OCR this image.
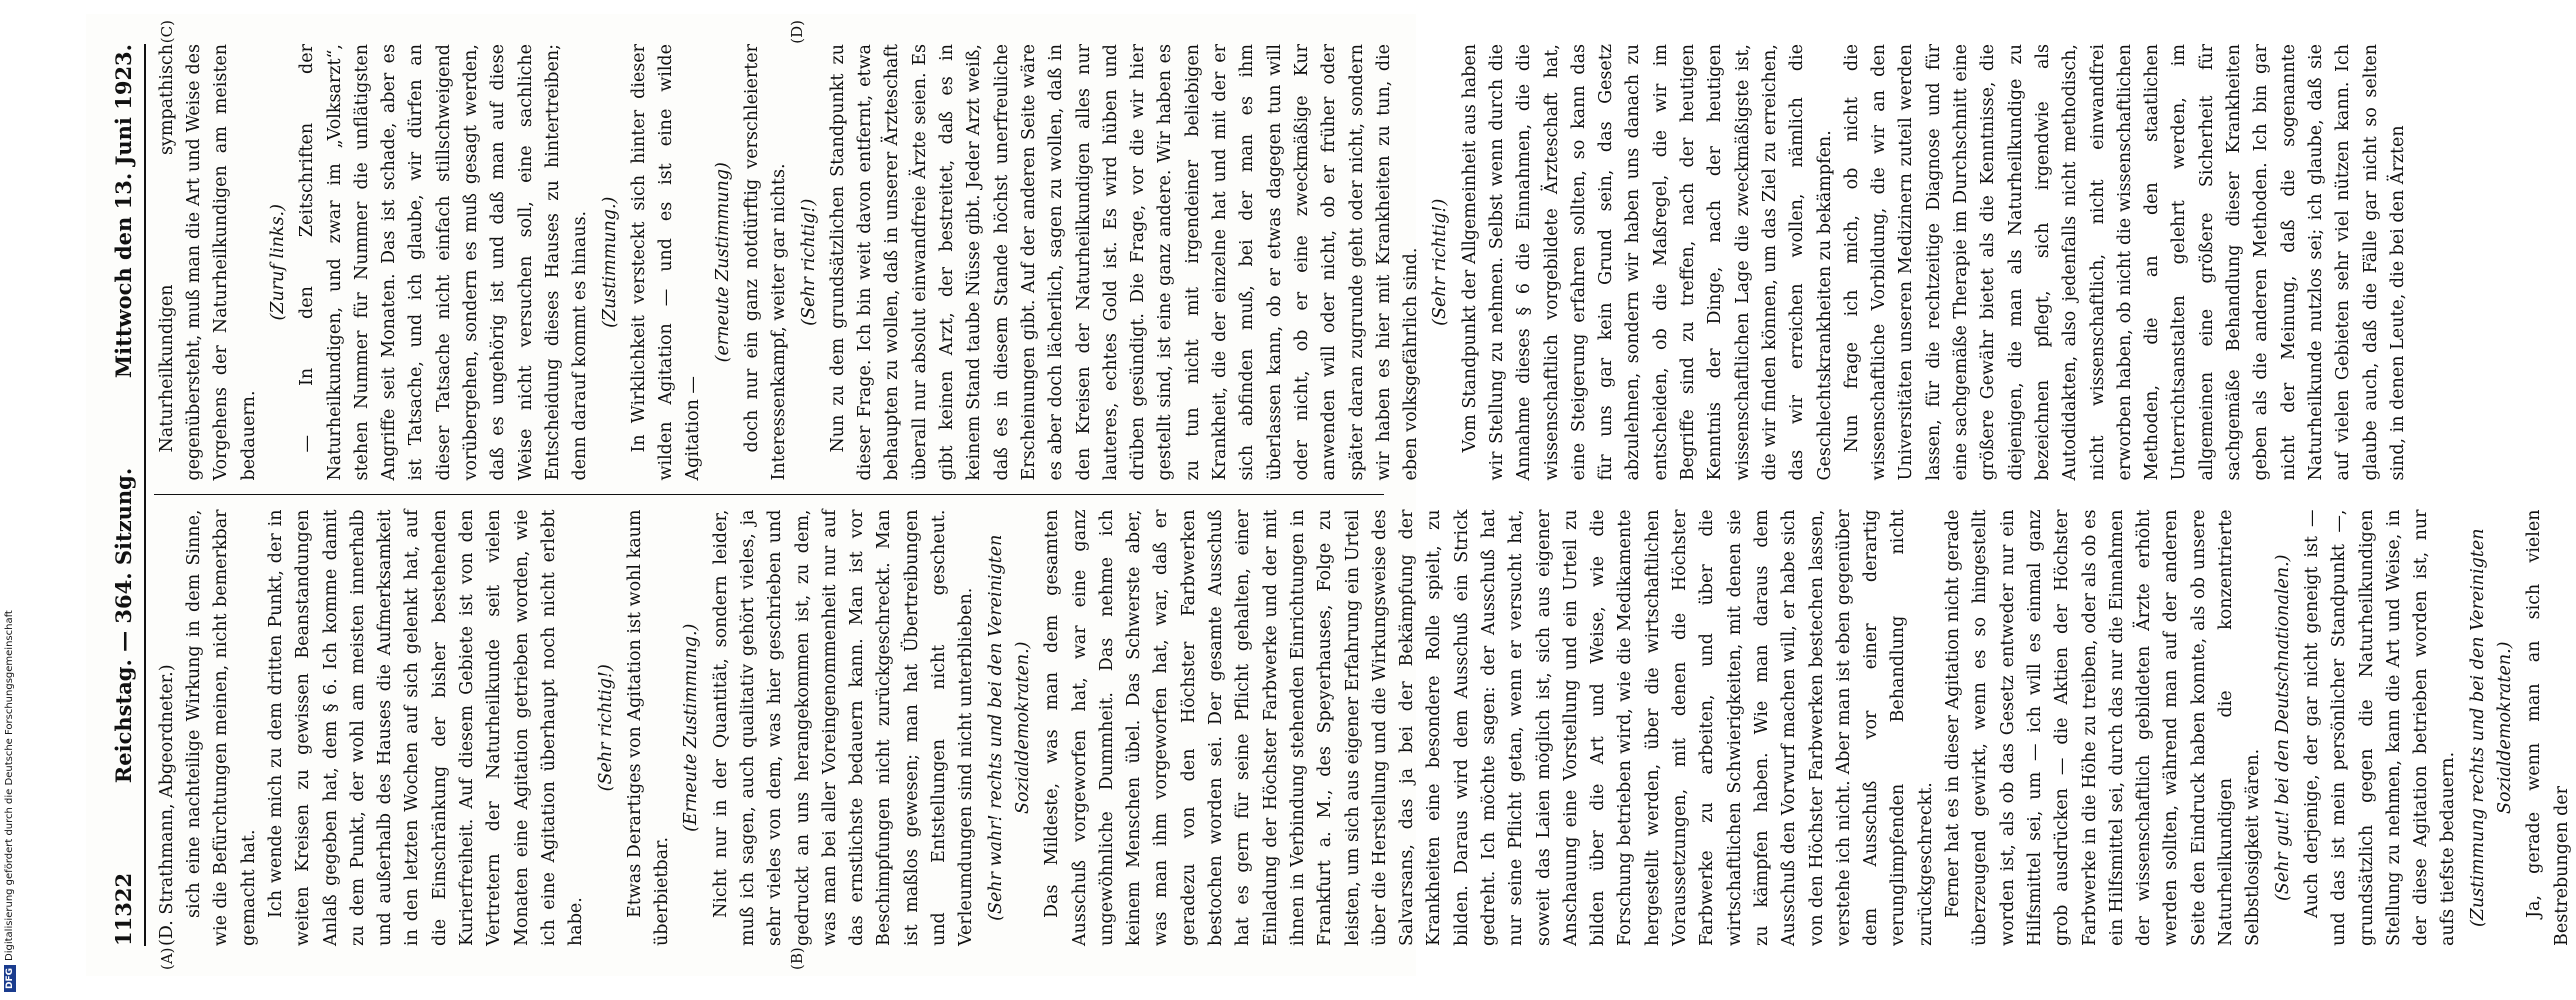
11322
Reichstag. — 364. Sitzung.
Mittwoch den 13. Juni 1923.

(D. Strathmann, Abgeordneter.) sich eine nachteilige Wirkung in dem Sinne, wie die Befürchtungen meinen, nicht bemerkbar gemacht hat. Ich wende mich zu dem dritten Punkt, der in weiten Kreisen zu gewissen Beanstandungen Anlaß gegeben hat, dem § 6. Ich komme damit zu dem Punkt, der wohl am meisten innerhalb und außerhalb des Hauses die Aufmerksamkeit in den letzten Wochen auf sich gelenkt hat, auf die Einschränkung der bisher bestehenden Kurierfreiheit. Auf diesem Gebiete ist von den Vertretern der Naturheilkunde seit vielen Monaten eine Agitation getrieben worden, wie ich eine Agitation überhaupt noch nicht erlebt habe.

(Sehr richtig!) Etwas Derartiges von Agitation ist wohl kaum überbietbar.

(Erneute Zustimmung.) Nicht nur in der Quantität, sondern leider, muß ich sagen, auch qualitativ gehört vieles, ja sehr vieles von dem, was hier geschrieben und gedruckt an uns herangekommen ist, zu dem, was man bei aller Voreingenommenheit nur auf das ernstlichste bedauern kann. Man ist vor Beschimpfungen nicht zurückgeschreckt. Man ist maßlos gewesen; man hat Übertreibungen und Entstellungen nicht gescheut. Verleumdungen sind nicht unterblieben. (Sehr wahr! rechts und bei den Vereinigten Sozialdemokraten.) Das Mildeste, was man dem gesamten Ausschuß vorgeworfen hat, war eine ganz ungewöhnliche Dummheit. Das nehme ich keinem Menschen übel. Das Schwerste aber, was man ihm vorgeworfen hat, war, daß er geradezu von den Höchster Farbwerken bestochen worden sei. Der gesamte Ausschuß hat es gern für seine Pflicht gehalten, einer Einladung der Höchster Farbwerke und der mit ihnen in Verbindung stehenden Einrichtungen in Frankfurt a. M., des Speyerhauses, Folge zu leisten, um sich aus eigener Erfahrung ein Urteil über die Herstellung und die Wirkungsweise des Salvarsans, das ja bei der Bekämpfung der Krankheiten eine besondere Rolle spielt, zu bilden. Daraus wird dem Ausschuß ein Strick gedreht. Ich möchte sagen: der Ausschuß hat nur seine Pflicht getan, wenn er versucht hat, soweit das Laien möglich ist, sich aus eigener Anschauung eine Vorstellung und ein Urteil zu bilden über die Art und Weise, wie die Forschung betrieben wird, wie die Medikamente hergestellt werden, über die wirtschaftlichen Voraussetzungen, mit denen die Höchster Farbwerke zu arbeiten, und über die wirtschaftlichen Schwierigkeiten, mit denen sie zu kämpfen haben. Wie man daraus dem Ausschuß den Vorwurf machen will, er habe sich von den Höchster Farbwerken bestechen lassen, verstehe ich nicht. Aber man ist eben gegenüber dem Ausschuß vor einer derartig verunglimpfenden Behandlung nicht zurückgeschreckt. Ferner hat es in dieser Agitation nicht gerade überzeugend gewirkt, wenn es so hingestellt worden ist, als ob das Gesetz entweder nur ein Hilfsmittel sei, um — ich will es einmal ganz grob ausdrücken — die Aktien der Höchster Farbwerke in die Höhe zu treiben, oder als ob es ein Hilfsmittel sei, durch das nur die Einnahmen der wissenschaftlich gebildeten Ärzte erhöht werden sollten, während man auf der anderen Seite den Eindruck haben konnte, als ob unsere Naturheilkundigen die konzentrierte Selbstlosigkeit wären. (Sehr gut! bei den Deutschnationalen.) Auch derjenige, der gar nicht geneigt ist — und das ist mein persönlicher Standpunkt —, grundsätzlich gegen die Naturheilkundigen Stellung zu nehmen, kann die Art und Weise, in der diese Agitation betrieben worden ist, nur aufs tiefste bedauern. (Zustimmung rechts und bei den Vereinigten Sozialdemokraten.) Ja, gerade wenn man an sich vielen Bestrebungen der

Naturheilkundigen sympathisch gegenübersteht, muß man die Art und Weise des Vorgehens der Naturheilkundigen am meisten bedauern.

(Zuruf links.) — In den Zeitschriften der Naturheilkundigen, und zwar im „Volksarzt“, stehen Nummer für Nummer die unflätigsten Angriffe seit Monaten. Das ist schade, aber es ist Tatsache, und ich glaube, wir dürfen an dieser Tatsache nicht einfach stillschweigend vorübergehen, sondern es muß gesagt werden, daß es ungehörig ist und daß man auf diese Weise nicht versuchen soll, eine sachliche Entscheidung dieses Hauses zu hintertreiben; denn darauf kommt es hinaus. (Zustimmung.) In Wirklichkeit versteckt sich hinter dieser wilden Agitation — und es ist eine wilde Agitation —

(erneute Zustimmung) doch nur ein ganz notdürftig verschleierter Interessenkampf, weiter gar nichts. (Sehr richtig!) Nun zu dem grundsätzlichen Standpunkt zu dieser Frage. Ich bin weit davon entfernt, etwa behaupten zu wollen, daß in unserer Ärzteschaft überall nur absolut einwandfreie Ärzte seien. Es gibt keinen Arzt, der bestreitet, daß es in keinem Stand taube Nüsse gibt. Jeder Arzt weiß, daß es in diesem Stande höchst unerfreuliche Erscheinungen gibt. Auf der anderen Seite wäre es aber doch lächerlich, sagen zu wollen, daß in den Kreisen der Naturheilkundigen alles nur lauteres, echtes Gold ist. Es wird hüben und drüben gesündigt. Die Frage, vor die wir hier gestellt sind, ist eine ganz andere. Wir haben es zu tun nicht mit irgendeiner beliebigen Krankheit, die der einzelne hat und mit der er sich abfinden muß, bei der man es ihm überlassen kann, ob er etwas dagegen tun will oder nicht, ob er eine zweckmäßige Kur anwenden will oder nicht, ob er früher oder später daran zugrunde geht oder nicht, sondern wir haben es hier mit Krankheiten zu tun, die eben volksgefährlich sind. (Sehr richtig!) Vom Standpunkt der Allgemeinheit aus haben wir Stellung zu nehmen. Selbst wenn durch die Annahme dieses § 6 die Einnahmen, die die wissenschaftlich vorgebildete Ärzteschaft hat, eine Steigerung erfahren sollten, so kann das für uns gar kein Grund sein, das Gesetz abzulehnen, sondern wir haben uns danach zu entscheiden, ob die Maßregel, die wir im Begriffe sind zu treffen, nach der heutigen Kenntnis der Dinge, nach der heutigen wissenschaftlichen Lage die zweckmäßigste ist, die wir finden können, um das Ziel zu erreichen, das wir erreichen wollen, nämlich die Geschlechtskrankheiten zu bekämpfen. Nun frage ich mich, ob nicht die wissenschaftliche Vorbildung, die wir an den Universitäten unseren Medizinern zuteil werden lassen, für die rechtzeitige Diagnose und für eine sachgemäße Therapie im Durchschnitt eine größere Gewähr bietet als die Kenntnisse, die diejenigen, die man als Naturheilkundige zu bezeichnen pflegt, sich irgendwie als Autodidakten, also jedenfalls nicht methodisch, nicht wissenschaftlich, nicht einwandfrei erworben haben, ob nicht die wissenschaftlichen Methoden, die an den staatlichen Unterrichtsanstalten gelehrt werden, im allgemeinen eine größere Sicherheit für sachgemäße Behandlung dieser Krankheiten geben als die anderen Methoden. Ich bin gar nicht der Meinung, daß die sogenannte Naturheilkunde nutzlos sei; ich glaube, daß sie auf vielen Gebieten sehr viel nützen kann. Ich glaube auch, daß die Fälle gar nicht so selten sind, in denen Leute, die bei den Ärzten

(A)	(B)
(C)	(D)
DFGDigitalisierung gefördert durch die Deutsche Forschungsgemeinschaft
